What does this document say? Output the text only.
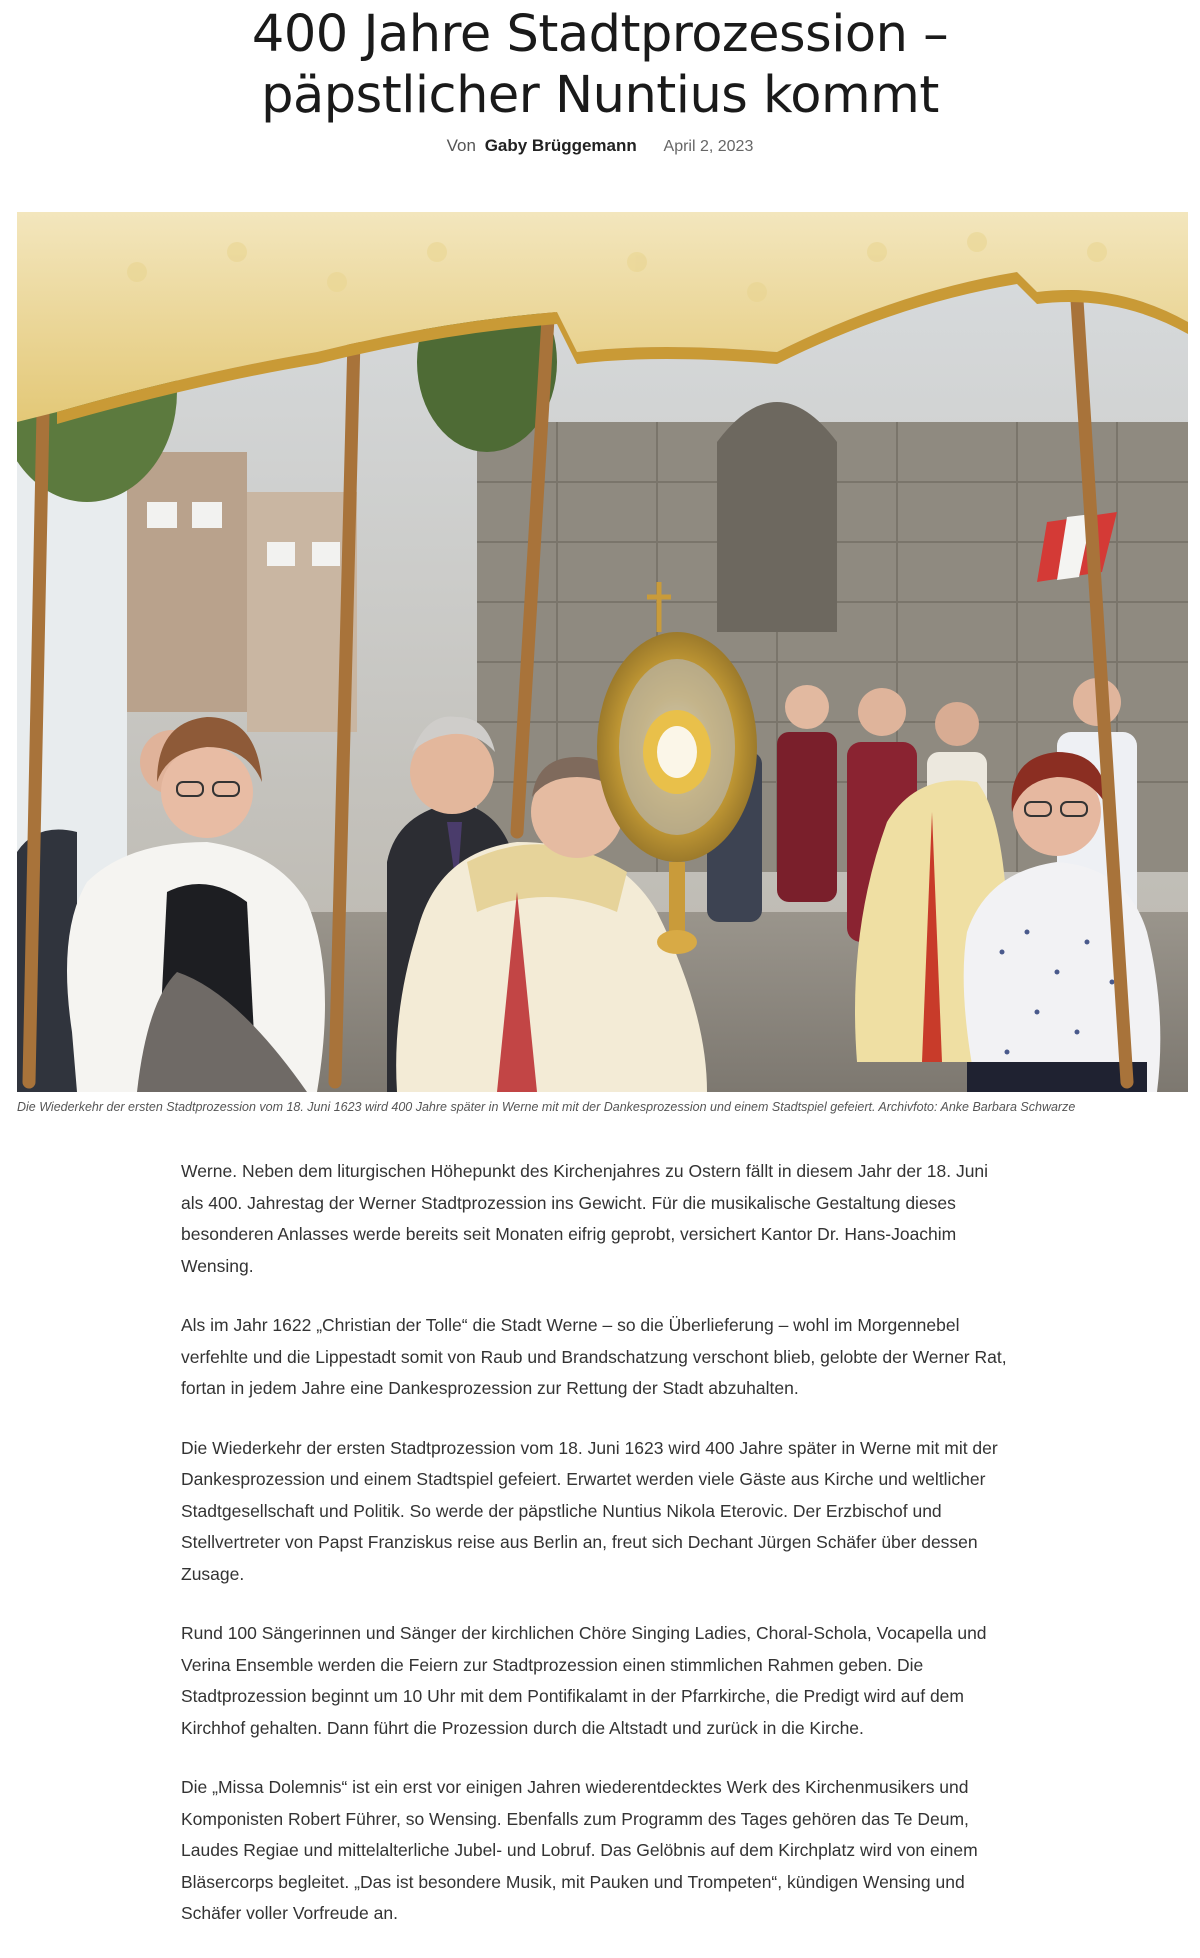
400 Jahre Stadtprozession –
päpstlicher Nuntius kommt
Von Gaby Brüggemann April 2, 2023
Die Wiederkehr der ersten Stadtprozession vom 18. Juni 1623 wird 400 Jahre später in Werne mit mit der Dankesprozession und einem Stadtspiel gefeiert. Archivfoto: Anke Barbara Schwarze

Werne. Neben dem liturgischen Höhepunkt des Kirchenjahres zu Ostern fällt in diesem Jahr der 18. Juni als 400. Jahrestag der Werner Stadtprozession ins Gewicht. Für die musikalische Gestaltung dieses besonderen Anlasses werde bereits seit Monaten eifrig geprobt, versichert Kantor Dr. Hans-Joachim Wensing.

Als im Jahr 1622 „Christian der Tolle“ die Stadt Werne – so die Überlieferung – wohl im Morgennebel verfehlte und die Lippestadt somit von Raub und Brandschatzung verschont blieb, gelobte der Werner Rat, fortan in jedem Jahre eine Dankesprozession zur Rettung der Stadt abzuhalten.

Die Wiederkehr der ersten Stadtprozession vom 18. Juni 1623 wird 400 Jahre später in Werne mit mit der Dankesprozession und einem Stadtspiel gefeiert. Erwartet werden viele Gäste aus Kirche und weltlicher Stadtgesellschaft und Politik. So werde der päpstliche Nuntius Nikola Eterovic. Der Erzbischof und Stellvertreter von Papst Franziskus reise aus Berlin an, freut sich Dechant Jürgen Schäfer über dessen Zusage.

Rund 100 Sängerinnen und Sänger der kirchlichen Chöre Singing Ladies, Choral-Schola, Vocapella und Verina Ensemble werden die Feiern zur Stadtprozession einen stimmlichen Rahmen geben. Die Stadtprozession beginnt um 10 Uhr mit dem Pontifikalamt in der Pfarrkirche, die Predigt wird auf dem Kirchhof gehalten. Dann führt die Prozession durch die Altstadt und zurück in die Kirche.

Die „Missa Dolemnis“ ist ein erst vor einigen Jahren wiederentdecktes Werk des Kirchenmusikers und Komponisten Robert Führer, so Wensing. Ebenfalls zum Programm des Tages gehören das Te Deum, Laudes Regiae und mittelalterliche Jubel- und Lobruf. Das Gelöbnis auf dem Kirchplatz wird von einem Bläsercorps begleitet. „Das ist besondere Musik, mit Pauken und Trompeten“, kündigen Wensing und Schäfer voller Vorfreude an.
